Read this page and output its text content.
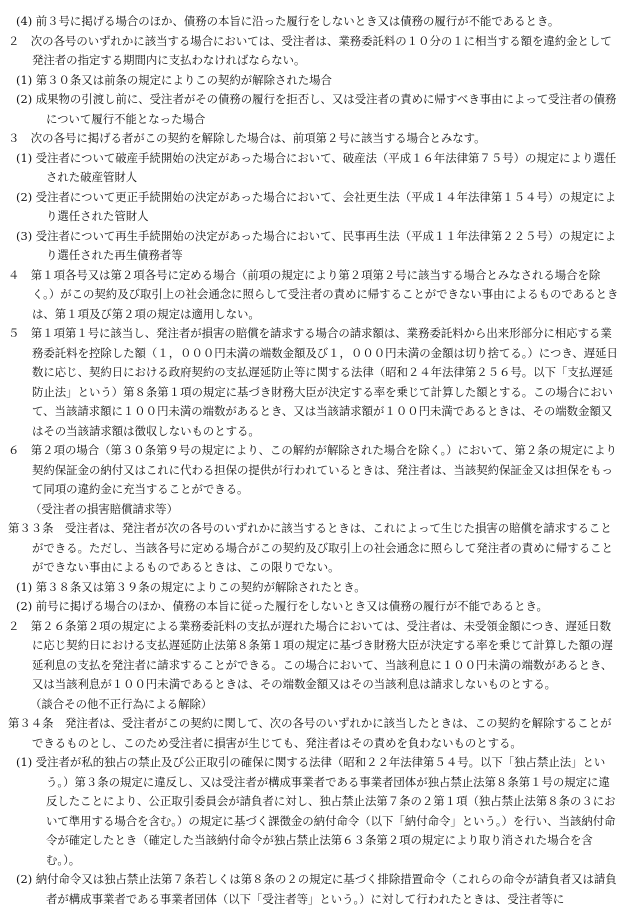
(4) 前３号に掲げる場合のほか、債務の本旨に沿った履行をしないとき又は債務の履行が不能であるとき。

２　次の各号のいずれかに該当する場合においては、受注者は、業務委託料の１０分の１に相当する額を違約金として発注者の指定する期間内に支払わなければならない。

(1) 第３０条又は前条の規定によりこの契約が解除された場合

(2) 成果物の引渡し前に、受注者がその債務の履行を拒否し、又は受注者の責めに帰すべき事由によって受注者の債務について履行不能となった場合

３　次の各号に掲げる者がこの契約を解除した場合は、前項第２号に該当する場合とみなす。

(1) 受注者について破産手続開始の決定があった場合において、破産法（平成１６年法律第７５号）の規定により選任された破産管財人

(2) 受注者について更正手続開始の決定があった場合において、会社更生法（平成１４年法律第１５４号）の規定により選任された管財人

(3) 受注者について再生手続開始の決定があった場合において、民事再生法（平成１１年法律第２２５号）の規定により選任された再生債務者等

４　第１項各号又は第２項各号に定める場合（前項の規定により第２項第２号に該当する場合とみなされる場合を除く。）がこの契約及び取引上の社会通念に照らして受注者の責めに帰することができない事由によるものであるときは、第１項及び第２項の規定は適用しない。

５　第１項第１号に該当し、発注者が損害の賠償を請求する場合の請求額は、業務委託料から出来形部分に相応する業務委託料を控除した額（１，０００円未満の端数金額及び１，０００円未満の金額は切り捨てる。）につき、遅延日数に応じ、契約日における政府契約の支払遅延防止等に関する法律（昭和２４年法律第２５６号。以下「支払遅延防止法」という）第８条第１項の規定に基づき財務大臣が決定する率を乗じて計算した額とする。この場合において、当該請求額に１００円未満の端数があるとき、又は当該請求額が１００円未満であるときは、その端数金額又はその当該請求額は徴収しないものとする。

６　第２項の場合（第３０条第９号の規定により、この解約が解除された場合を除く。）において、第２条の規定により契約保証金の納付又はこれに代わる担保の提供が行われているときは、発注者は、当該契約保証金又は担保をもって同項の違約金に充当することができる。

（受注者の損害賠償請求等）

第３３条　受注者は、発注者が次の各号のいずれかに該当するときは、これによって生じた損害の賠償を請求することができる。ただし、当該各号に定める場合がこの契約及び取引上の社会通念に照らして発注者の責めに帰することができない事由によるものであるときは、この限りでない。

(1) 第３８条又は第３９条の規定によりこの契約が解除されたとき。

(2) 前号に掲げる場合のほか、債務の本旨に従った履行をしないとき又は債務の履行が不能であるとき。

２　第２６条第２項の規定による業務委託料の支払が遅れた場合においては、受注者は、未受領金額につき、遅延日数に応じ契約日における支払遅延防止法第８条第１項の規定に基づき財務大臣が決定する率を乗じて計算した額の遅延利息の支払を発注者に請求することができる。この場合において、当該利息に１００円未満の端数があるとき、又は当該利息が１００円未満であるときは、その端数金額又はその当該利息は請求しないものとする。

（談合その他不正行為による解除）

第３４条　発注者は、受注者がこの契約に関して、次の各号のいずれかに該当したときは、この契約を解除することができるものとし、このため受注者に損害が生じても、発注者はその責めを負わないものとする。

(1) 受注者が私的独占の禁止及び公正取引の確保に関する法律（昭和２２年法律第５４号。以下「独占禁止法」という。）第３条の規定に違反し、又は受注者が構成事業者である事業者団体が独占禁止法第８条第１号の規定に違反したことにより、公正取引委員会が請負者に対し、独占禁止法第７条の２第１項（独占禁止法第８条の３において準用する場合を含む。）の規定に基づく課徴金の納付命令（以下「納付命令」という。）を行い、当該納付命令が確定したとき（確定した当該納付命令が独占禁止法第６３条第２項の規定により取り消された場合を含む。）。

(2) 納付命令又は独占禁止法第７条若しくは第８条の２の規定に基づく排除措置命令（これらの命令が請負者又は請負者が構成事業者である事業者団体（以下「受注者等」という。）に対して行われたときは、受注者等に
